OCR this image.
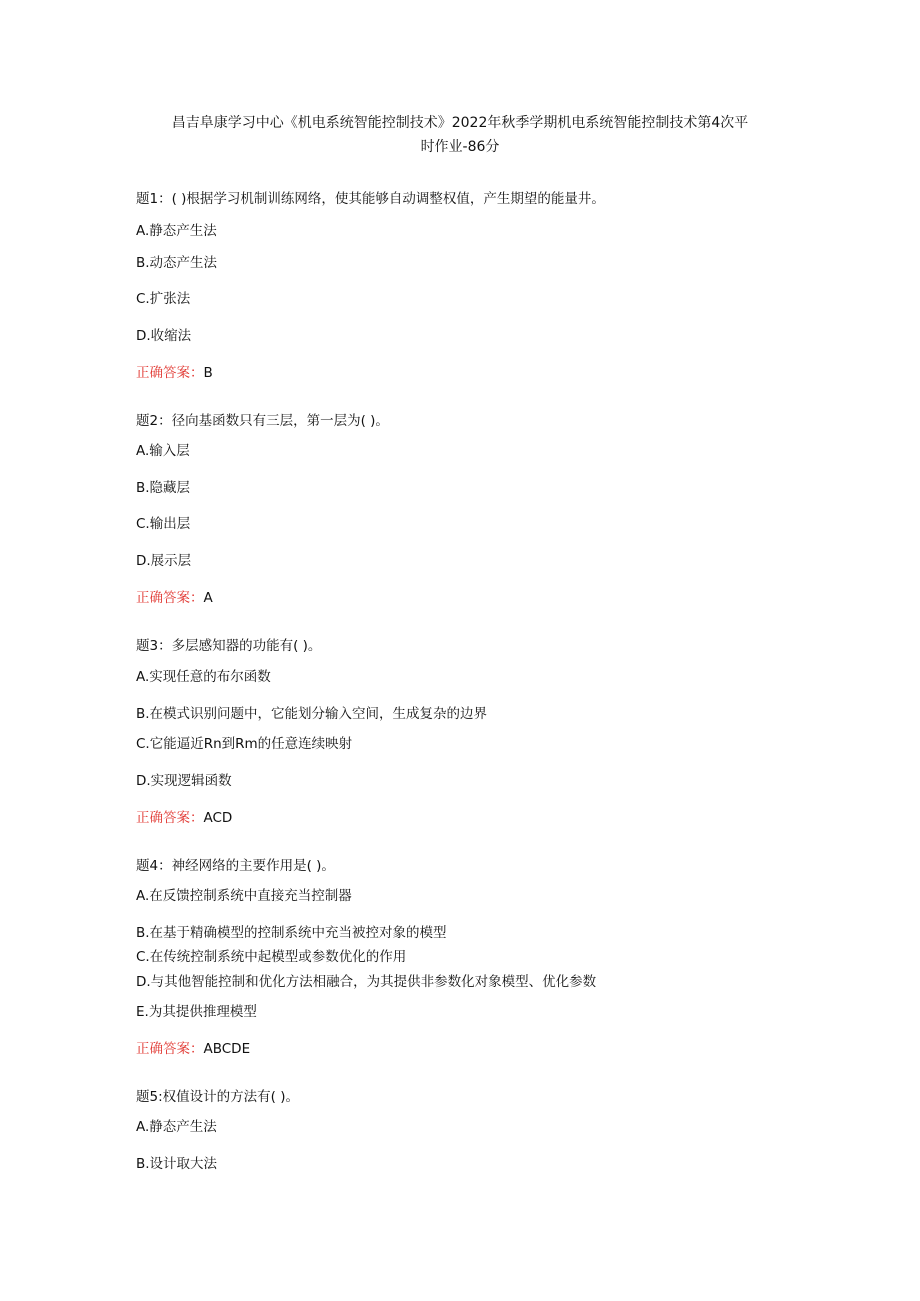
昌吉阜康学习中心《机电系统智能控制技术》2022年秋季学期机电系统智能控制技术第4次平
时作业-86分
题1：( )根据学习机制训练网络，使其能够自动调整权值，产生期望的能量井。
A.静态产生法
B.动态产生法
C.扩张法
D.收缩法
正确答案：B
题2：径向基函数只有三层，第一层为( )。
A.输入层
B.隐藏层
C.输出层
D.展示层
正确答案：A
题3：多层感知器的功能有( )。
A.实现任意的布尔函数
B.在模式识别问题中，它能划分输入空间，生成复杂的边界
C.它能逼近Rn到Rm的任意连续映射
D.实现逻辑函数
正确答案：ACD
题4：神经网络的主要作用是( )。
A.在反馈控制系统中直接充当控制器
B.在基于精确模型的控制系统中充当被控对象的模型
C.在传统控制系统中起模型或参数优化的作用
D.与其他智能控制和优化方法相融合，为其提供非参数化对象模型、优化参数
E.为其提供推理模型
正确答案：ABCDE
题5:权值设计的方法有( )。
A.静态产生法
B.设计取大法
